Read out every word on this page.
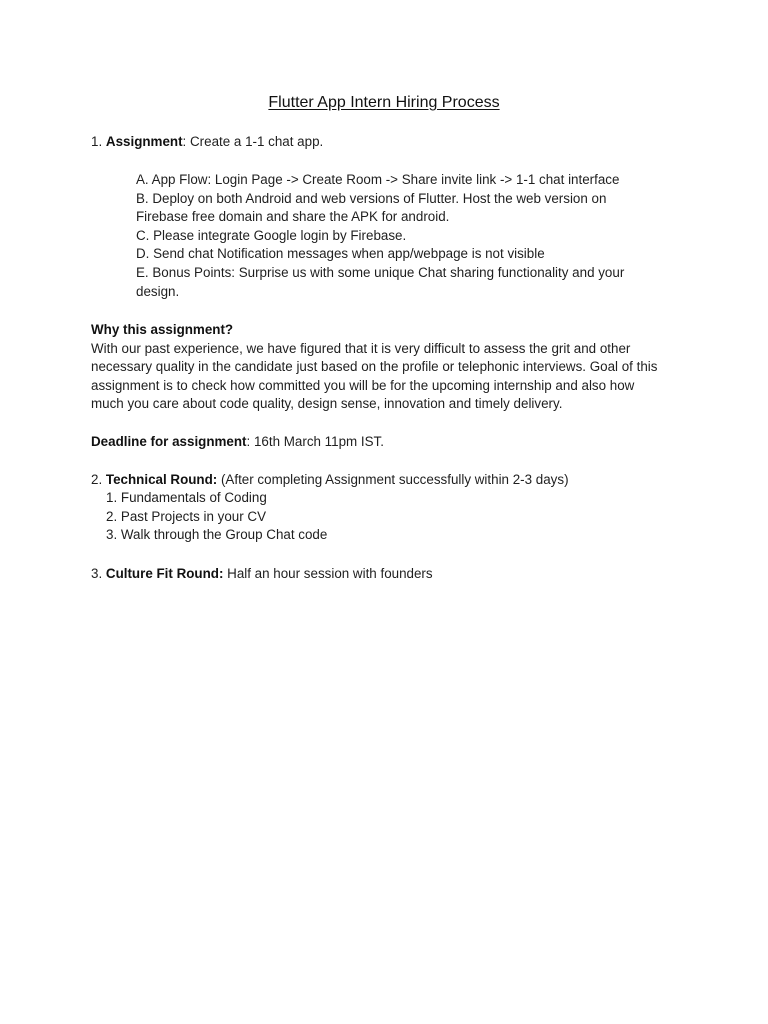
Flutter App Intern Hiring Process
1. Assignment: Create a 1-1 chat app.
A. App Flow: Login Page -> Create Room -> Share invite link -> 1-1 chat interface
B. Deploy on both Android and web versions of Flutter. Host the web version on
Firebase free domain and share the APK for android.
C. Please integrate Google login by Firebase.
D. Send chat Notification messages when app/webpage is not visible
E. Bonus Points: Surprise us with some unique Chat sharing functionality and your
design.
Why this assignment?
With our past experience, we have figured that it is very difficult to assess the grit and other
necessary quality in the candidate just based on the profile or telephonic interviews. Goal of this
assignment is to check how committed you will be for the upcoming internship and also how
much you care about code quality, design sense, innovation and timely delivery.
Deadline for assignment: 16th March 11pm IST.
2. Technical Round: (After completing Assignment successfully within 2-3 days)
1. Fundamentals of Coding
2. Past Projects in your CV
3. Walk through the Group Chat code
3. Culture Fit Round: Half an hour session with founders
